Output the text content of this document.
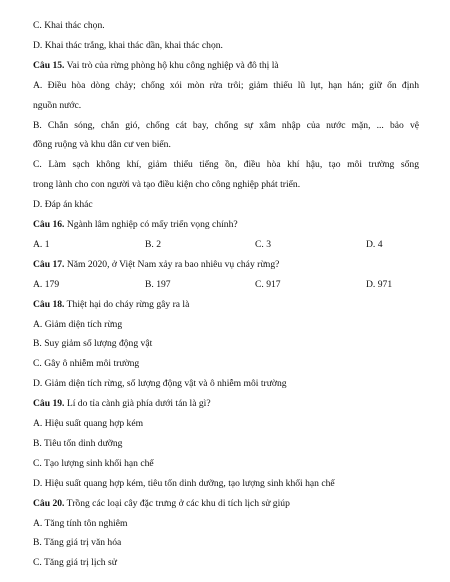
C. Khai thác chọn.
D. Khai thác trắng, khai thác dần, khai thác chọn.
Câu 15. Vai trò của rừng phòng hộ khu công nghiệp và đô thị là
A. Điều hòa dòng chảy; chống xói mòn rửa trôi; giảm thiểu lũ lụt, hạn hán; giữ ổn định
nguồn nước.
B. Chắn sóng, chắn gió, chống cát bay, chống sự xâm nhập của nước mặn, ... bảo vệ
đồng ruộng và khu dân cư ven biển.
C. Làm sạch không khí, giảm thiểu tiếng ồn, điều hòa khí hậu, tạo môi trường sống
trong lành cho con người và tạo điều kiện cho công nghiệp phát triển.
D. Đáp án khác
Câu 16. Ngành lâm nghiệp có mấy triển vọng chính?
A. 1	B. 2	C. 3	D. 4
Câu 17. Năm 2020, ở Việt Nam xảy ra bao nhiêu vụ cháy rừng?
A. 179	B. 197	C. 917	D. 971
Câu 18. Thiệt hại do cháy rừng gây ra là
A. Giảm diện tích rừng
B. Suy giảm số lượng động vật
C. Gây ô nhiễm môi trường
D. Giảm diện tích rừng, số lượng động vật và ô nhiễm môi trường
Câu 19. Lí do tỉa cành già phía dưới tán là gì?
A. Hiệu suất quang hợp kém
B. Tiêu tốn dinh dưỡng
C. Tạo lượng sinh khối hạn chế
D. Hiệu suất quang hợp kém, tiêu tốn dinh dưỡng, tạo lượng sinh khối hạn chế
Câu 20. Trồng các loại cây đặc trưng ở các khu di tích lịch sử giúp
A. Tăng tính tôn nghiêm
B. Tăng giá trị văn hóa
C. Tăng giá trị lịch sử
